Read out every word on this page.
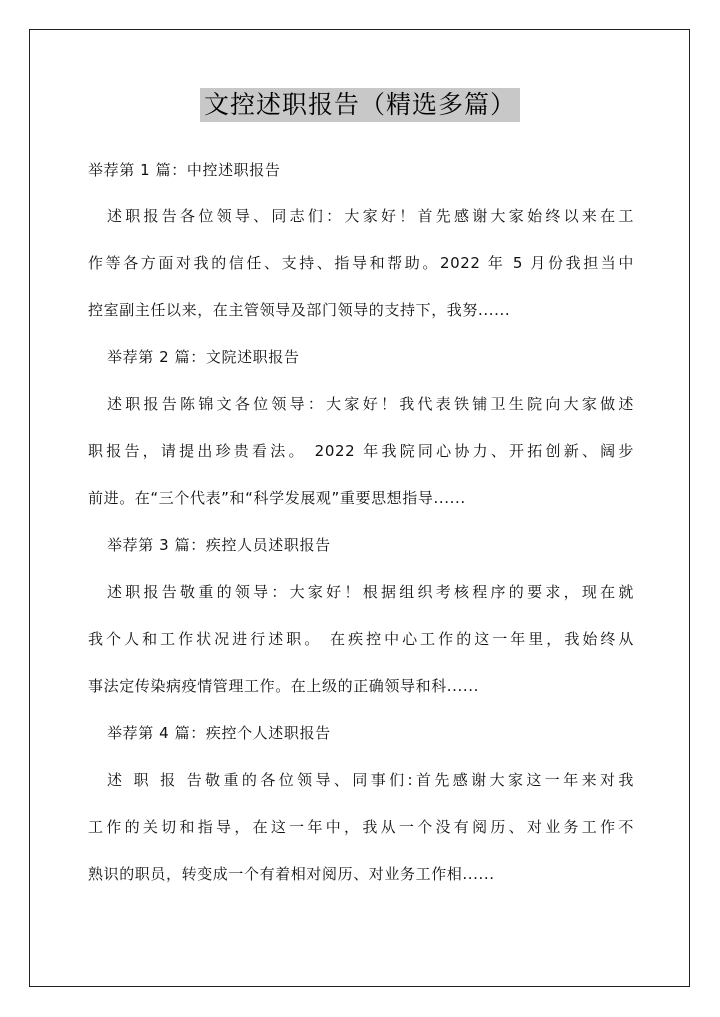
文控述职报告（精选多篇）
举荐第 1 篇：中控述职报告
述职报告各位领导、同志们：大家好！首先感谢大家始终以来在工
作等各方面对我的信任、支持、指导和帮助。2022 年 5 月份我担当中
控室副主任以来，在主管领导及部门领导的支持下，我努......
举荐第 2 篇：文院述职报告
述职报告陈锦文各位领导：大家好！我代表铁铺卫生院向大家做述
职报告，请提出珍贵看法。 2022 年我院同心协力、开拓创新、阔步
前进。在“三个代表”和“科学发展观”重要思想指导......
举荐第 3 篇：疾控人员述职报告
述职报告敬重的领导：大家好！根据组织考核程序的要求，现在就
我个人和工作状况进行述职。 在疾控中心工作的这一年里，我始终从
事法定传染病疫情管理工作。在上级的正确领导和科......
举荐第 4 篇：疾控个人述职报告
述 职 报 告敬重的各位领导、同事们:首先感谢大家这一年来对我
工作的关切和指导，在这一年中，我从一个没有阅历、对业务工作不
熟识的职员，转变成一个有着相对阅历、对业务工作相......
